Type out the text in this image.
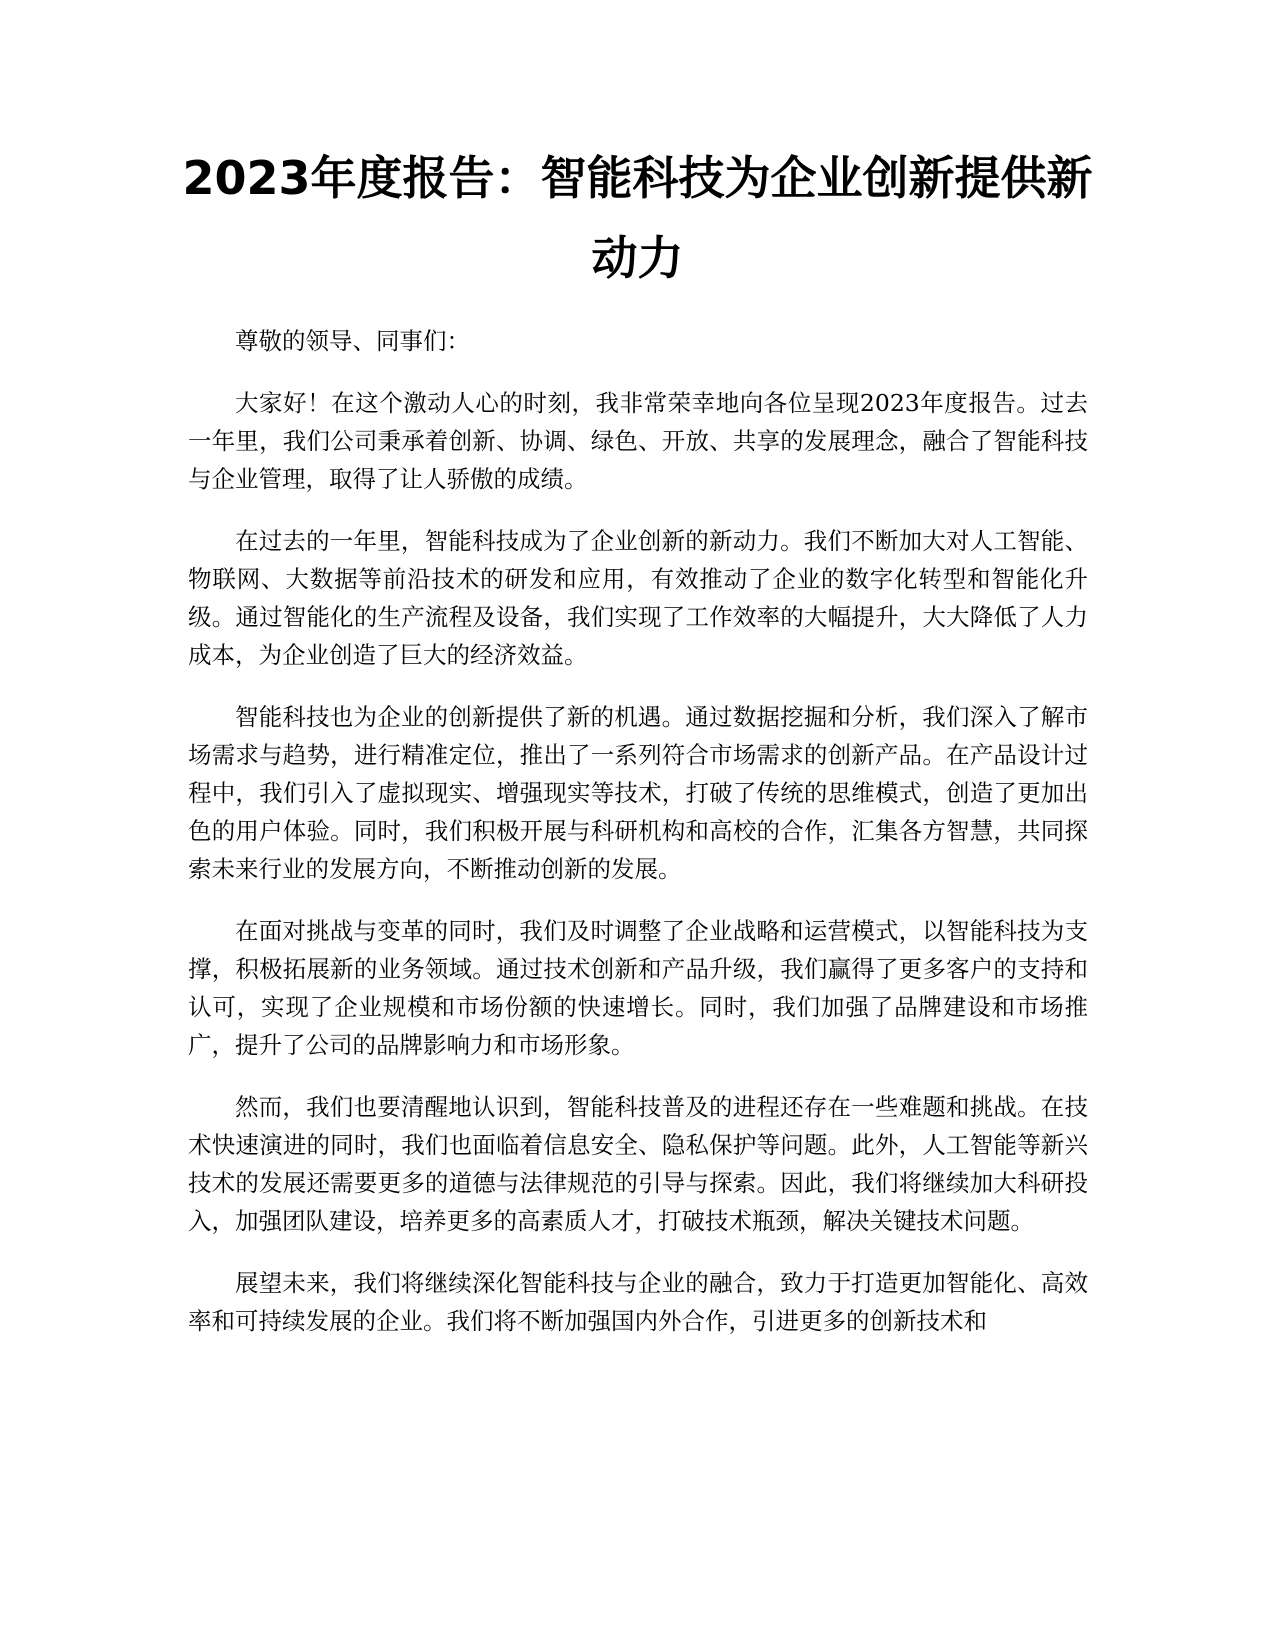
2023年度报告：智能科技为企业创新提供新动力

尊敬的领导、同事们：

大家好！在这个激动人心的时刻，我非常荣幸地向各位呈现2023年度报告。过去一年里，我们公司秉承着创新、协调、绿色、开放、共享的发展理念，融合了智能科技与企业管理，取得了让人骄傲的成绩。

在过去的一年里，智能科技成为了企业创新的新动力。我们不断加大对人工智能、物联网、大数据等前沿技术的研发和应用，有效推动了企业的数字化转型和智能化升级。通过智能化的生产流程及设备，我们实现了工作效率的大幅提升，大大降低了人力成本，为企业创造了巨大的经济效益。

智能科技也为企业的创新提供了新的机遇。通过数据挖掘和分析，我们深入了解市场需求与趋势，进行精准定位，推出了一系列符合市场需求的创新产品。在产品设计过程中，我们引入了虚拟现实、增强现实等技术，打破了传统的思维模式，创造了更加出色的用户体验。同时，我们积极开展与科研机构和高校的合作，汇集各方智慧，共同探索未来行业的发展方向，不断推动创新的发展。

在面对挑战与变革的同时，我们及时调整了企业战略和运营模式，以智能科技为支撑，积极拓展新的业务领域。通过技术创新和产品升级，我们赢得了更多客户的支持和认可，实现了企业规模和市场份额的快速增长。同时，我们加强了品牌建设和市场推广，提升了公司的品牌影响力和市场形象。

然而，我们也要清醒地认识到，智能科技普及的进程还存在一些难题和挑战。在技术快速演进的同时，我们也面临着信息安全、隐私保护等问题。此外，人工智能等新兴技术的发展还需要更多的道德与法律规范的引导与探索。因此，我们将继续加大科研投入，加强团队建设，培养更多的高素质人才，打破技术瓶颈，解决关键技术问题。

展望未来，我们将继续深化智能科技与企业的融合，致力于打造更加智能化、高效率和可持续发展的企业。我们将不断加强国内外合作，引进更多的创新技术和
